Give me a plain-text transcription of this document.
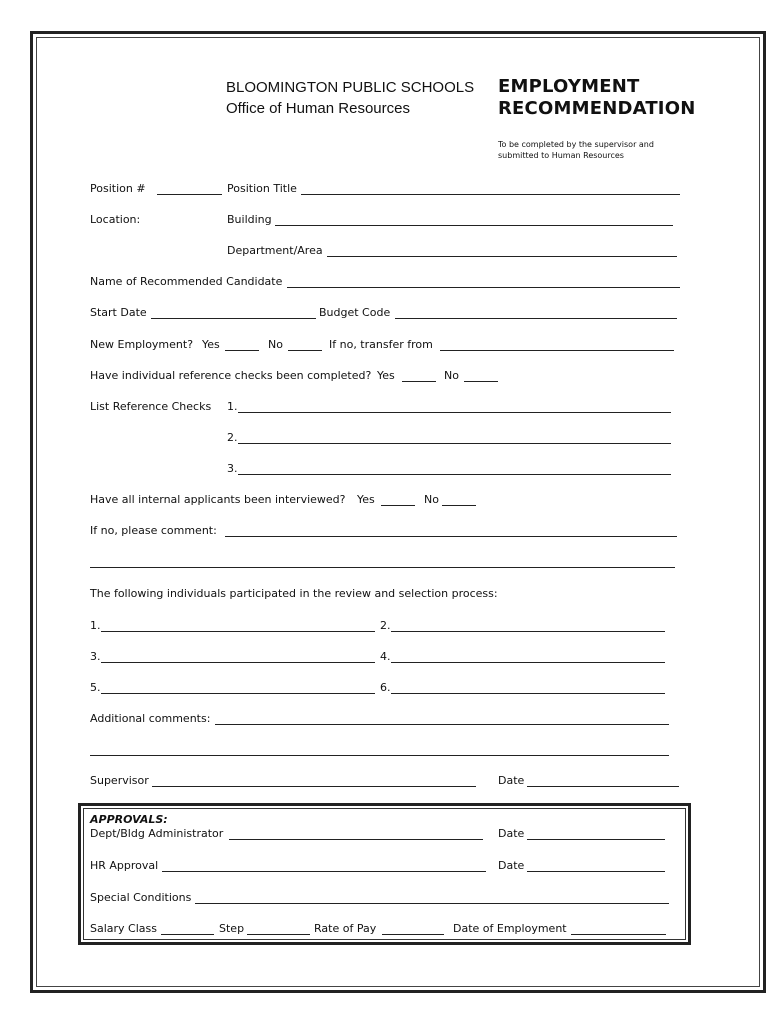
BLOOMINGTON PUBLIC SCHOOLS
Office of Human Resources
EMPLOYMENT
RECOMMENDATION
To be completed by the supervisor and
submitted to Human Resources
Position #	Position Title
Location:	Building
Department/Area
Name of Recommended Candidate
Start Date	Budget Code
New Employment? Yes	No	If no, transfer from
Have individual reference checks been completed? Yes	No
List Reference Checks 1.
2.
3.
Have all internal applicants been interviewed? Yes	No
If no, please comment:
The following individuals participated in the review and selection process:
1.	2.
3.	4.
5.	6.
Additional comments:
Supervisor	Date
APPROVALS:
Dept/Bldg Administrator	Date
HR Approval	Date
Special Conditions
Salary Class	Step	Rate of Pay	Date of Employment
